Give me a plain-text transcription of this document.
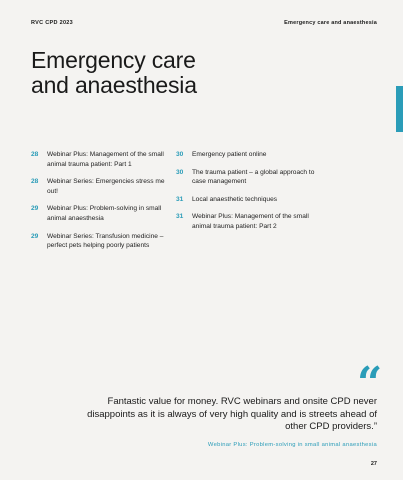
RVC CPD 2023	Emergency care and anaesthesia
Emergency care
and anaesthesia
28	Webinar Plus: Management of the small animal trauma patient: Part 1
28	Webinar Series: Emergencies stress me out!
29	Webinar Plus: Problem-solving in small animal anaesthesia
29	Webinar Series: Transfusion medicine – perfect pets helping poorly patients
30	Emergency patient online
30	The trauma patient – a global approach to case management
31	Local anaesthetic techniques
31	Webinar Plus: Management of the small animal trauma patient: Part 2
“
Fantastic value for money. RVC webinars and onsite CPD never disappoints as it is always of very high quality and is streets ahead of other CPD providers.”
Webinar Plus: Problem-solving in small animal anaesthesia
27
